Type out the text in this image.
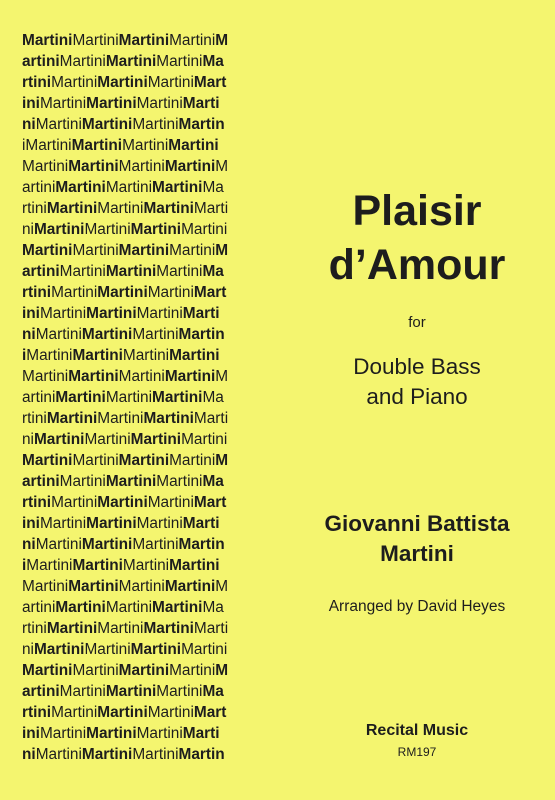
MartiniMartiniMartiniMartiniM
artiniMartiniMartiniMartiniMa
rtiniMartiniMartiniMartiniMart
iniMartiniMartiniMartiniMarti
niMartiniMartiniMartiniMartin
iMartiniMartiniMartiniMartini
MartiniMartiniMartiniMartiniM
artiniMartiniMartiniMartiniMa
rtiniMartiniMartiniMartiniMarti
niMartiniMartiniMartiniMartini
MartiniMartiniMartiniMartiniM
artiniMartiniMartiniMartiniMa
rtiniMartiniMartiniMartiniMart
iniMartiniMartiniMartiniMarti
niMartiniMartiniMartiniMartin
iMartiniMartiniMartiniMartini
MartiniMartiniMartiniMartiniM
artiniMartiniMartiniMartiniMa
rtiniMartiniMartiniMartiniMarti
niMartiniMartiniMartiniMartini
MartiniMartiniMartiniMartiniM
artiniMartiniMartiniMartiniMa
rtiniMartiniMartiniMartiniMart
iniMartiniMartiniMartiniMarti
niMartiniMartiniMartiniMartin
iMartiniMartiniMartiniMartini
MartiniMartiniMartiniMartiniM
artiniMartiniMartiniMartiniMa
rtiniMartiniMartiniMartiniMarti
niMartiniMartiniMartiniMartini
MartiniMartiniMartiniMartiniM
artiniMartiniMartiniMartiniMa
rtiniMartiniMartiniMartiniMart
iniMartiniMartiniMartiniMarti
niMartiniMartiniMartiniMartin
Plaisir
d’Amour
for
Double Bass
and Piano
Giovanni Battista
Martini
Arranged by David Heyes
Recital Music
RM197
